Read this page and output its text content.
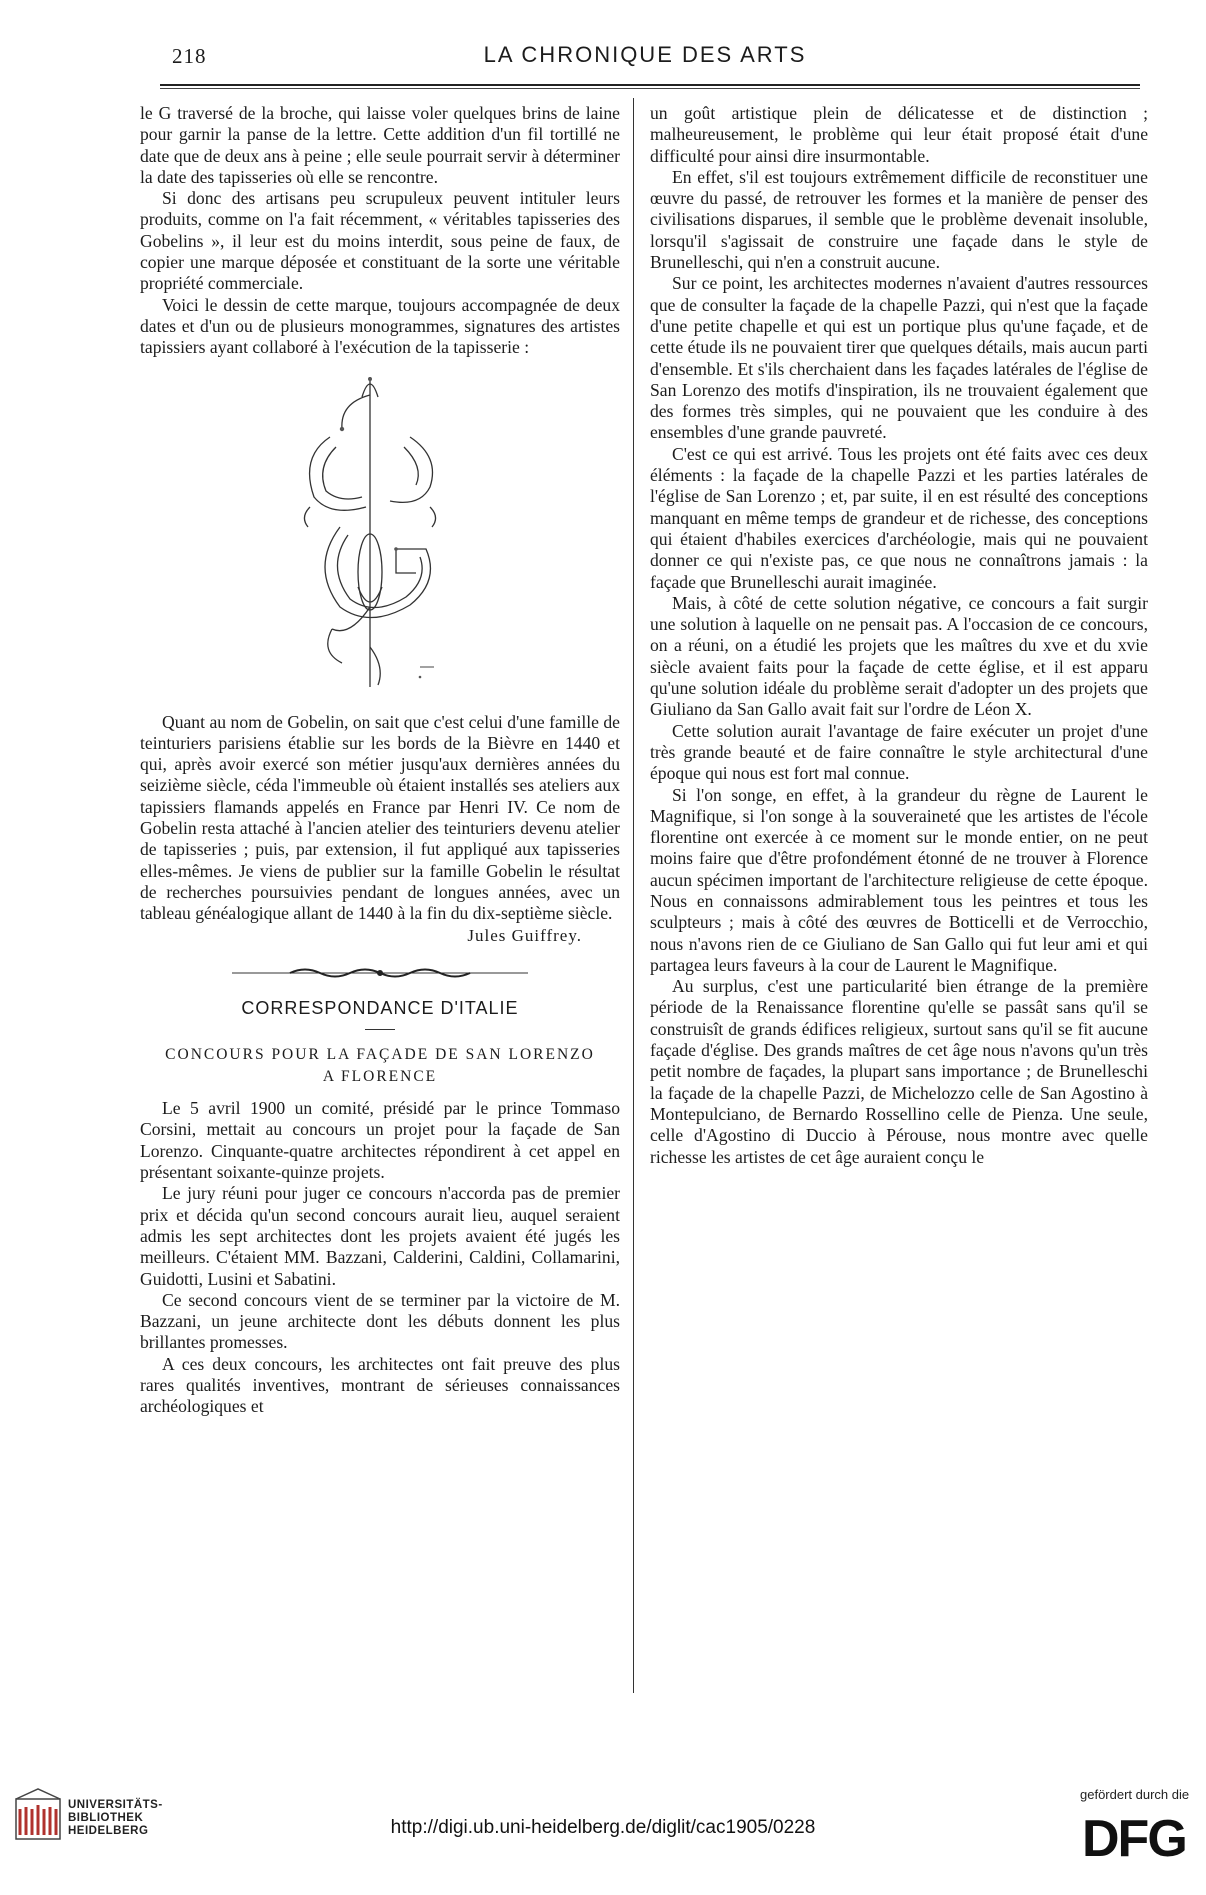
218	LA CHRONIQUE DES ARTS

le G traversé de la broche, qui laisse voler quelques brins de laine pour garnir la panse de la lettre. Cette addition d'un fil tortillé ne date que de deux ans à peine ; elle seule pourrait servir à déterminer la date des tapisseries où elle se rencontre.

Si donc des artisans peu scrupuleux peuvent intituler leurs produits, comme on l'a fait récemment, « véritables tapisseries des Gobelins », il leur est du moins interdit, sous peine de faux, de copier une marque déposée et constituant de la sorte une véritable propriété commerciale.

Voici le dessin de cette marque, toujours accompagnée de deux dates et d'un ou de plusieurs monogrammes, signatures des artistes tapissiers ayant collaboré à l'exécution de la tapisserie :

Quant au nom de Gobelin, on sait que c'est celui d'une famille de teinturiers parisiens établie sur les bords de la Bièvre en 1440 et qui, après avoir exercé son métier jusqu'aux dernières années du seizième siècle, céda l'immeuble où étaient installés ses ateliers aux tapissiers flamands appelés en France par Henri IV. Ce nom de Gobelin resta attaché à l'ancien atelier des teinturiers devenu atelier de tapisseries ; puis, par extension, il fut appliqué aux tapisseries elles-mêmes. Je viens de publier sur la famille Gobelin le résultat de recherches poursuivies pendant de longues années, avec un tableau généalogique allant de 1440 à la fin du dix-septième siècle.

Jules Guiffrey.

CORRESPONDANCE D'ITALIE
CONCOURS POUR LA FAÇADE DE SAN LORENZO
A FLORENCE

Le 5 avril 1900 un comité, présidé par le prince Tommaso Corsini, mettait au concours un projet pour la façade de San Lorenzo. Cinquante-quatre architectes répondirent à cet appel en présentant soixante-quinze projets.

Le jury réuni pour juger ce concours n'accorda pas de premier prix et décida qu'un second concours aurait lieu, auquel seraient admis les sept architectes dont les projets avaient été jugés les meilleurs. C'étaient MM. Bazzani, Calderini, Caldini, Collamarini, Guidotti, Lusini et Sabatini.

Ce second concours vient de se terminer par la victoire de M. Bazzani, un jeune architecte dont les débuts donnent les plus brillantes promesses.

A ces deux concours, les architectes ont fait preuve des plus rares qualités inventives, montrant de sérieuses connaissances archéologiques et

un goût artistique plein de délicatesse et de distinction ; malheureusement, le problème qui leur était proposé était d'une difficulté pour ainsi dire insurmontable.

En effet, s'il est toujours extrêmement difficile de reconstituer une œuvre du passé, de retrouver les formes et la manière de penser des civilisations disparues, il semble que le problème devenait insoluble, lorsqu'il s'agissait de construire une façade dans le style de Brunelleschi, qui n'en a construit aucune.

Sur ce point, les architectes modernes n'avaient d'autres ressources que de consulter la façade de la chapelle Pazzi, qui n'est que la façade d'une petite chapelle et qui est un portique plus qu'une façade, et de cette étude ils ne pouvaient tirer que quelques détails, mais aucun parti d'ensemble. Et s'ils cherchaient dans les façades latérales de l'église de San Lorenzo des motifs d'inspiration, ils ne trouvaient également que des formes très simples, qui ne pouvaient que les conduire à des ensembles d'une grande pauvreté.

C'est ce qui est arrivé. Tous les projets ont été faits avec ces deux éléments : la façade de la chapelle Pazzi et les parties latérales de l'église de San Lorenzo ; et, par suite, il en est résulté des conceptions manquant en même temps de grandeur et de richesse, des conceptions qui étaient d'habiles exercices d'archéologie, mais qui ne pouvaient donner ce qui n'existe pas, ce que nous ne connaîtrons jamais : la façade que Brunelleschi aurait imaginée.

Mais, à côté de cette solution négative, ce concours a fait surgir une solution à laquelle on ne pensait pas. A l'occasion de ce concours, on a réuni, on a étudié les projets que les maîtres du xve et du xvie siècle avaient faits pour la façade de cette église, et il est apparu qu'une solution idéale du problème serait d'adopter un des projets que Giuliano da San Gallo avait fait sur l'ordre de Léon X.

Cette solution aurait l'avantage de faire exécuter un projet d'une très grande beauté et de faire connaître le style architectural d'une époque qui nous est fort mal connue.

Si l'on songe, en effet, à la grandeur du règne de Laurent le Magnifique, si l'on songe à la souveraineté que les artistes de l'école florentine ont exercée à ce moment sur le monde entier, on ne peut moins faire que d'être profondément étonné de ne trouver à Florence aucun spécimen important de l'architecture religieuse de cette époque. Nous en connaissons admirablement tous les peintres et tous les sculpteurs ; mais à côté des œuvres de Botticelli et de Verrocchio, nous n'avons rien de ce Giuliano de San Gallo qui fut leur ami et qui partagea leurs faveurs à la cour de Laurent le Magnifique.

Au surplus, c'est une particularité bien étrange de la première période de la Renaissance florentine qu'elle se passât sans qu'il se construisît de grands édifices religieux, surtout sans qu'il se fit aucune façade d'église. Des grands maîtres de cet âge nous n'avons qu'un très petit nombre de façades, la plupart sans importance ; de Brunelleschi la façade de la chapelle Pazzi, de Michelozzo celle de San Agostino à Montepulciano, de Bernardo Rossellino celle de Pienza. Une seule, celle d'Agostino di Duccio à Pérouse, nous montre avec quelle richesse les artistes de cet âge auraient conçu le

UNIVERSITÄTS-
BIBLIOTHEK
HEIDELBERG	http://digi.ub.uni-heidelberg.de/diglit/cac1905/0228
gefördert durch die
DFG
